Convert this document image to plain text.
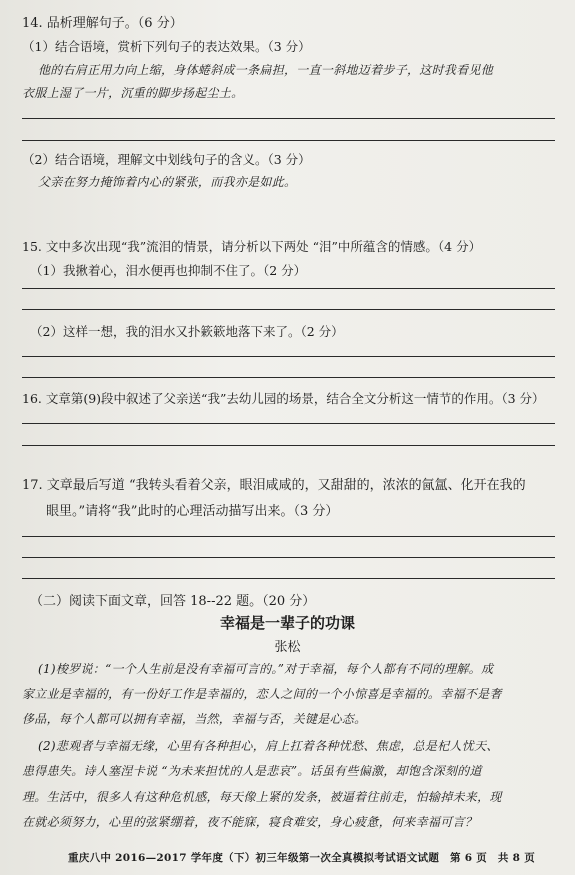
14. 品析理解句子。（6 分）
（1）结合语境，赏析下列句子的表达效果。（3 分）
他的右肩正用力向上缩，身体蜷斜成一条扁担，一直一斜地迈着步子，这时我看见他
衣服上湿了一片，沉重的脚步扬起尘土。
（2）结合语境，理解文中划线句子的含义。（3 分）
父亲在努力掩饰着内心的紧张，而我亦是如此。
15. 文中多次出现“我”流泪的情景，请分析以下两处 “泪”中所蕴含的情感。（4 分）
（1）我揪着心，泪水便再也抑制不住了。（2 分）
（2）这样一想，我的泪水又扑簌簌地落下来了。（2 分）
16. 文章第(9)段中叙述了父亲送“我”去幼儿园的场景，结合全文分析这一情节的作用。（3 分）
17. 文章最后写道 “我转头看着父亲，眼泪咸咸的，又甜甜的，浓浓的氤氲、化开在我的
眼里。”请将“我”此时的心理活动描写出来。（3 分）
（二）阅读下面文章，回答 18--22 题。（20 分）
幸福是一辈子的功课
张松
(1)梭罗说：“一个人生前是没有幸福可言的。”对于幸福，每个人都有不同的理解。成
家立业是幸福的，有一份好工作是幸福的，恋人之间的一个小惊喜是幸福的。幸福不是奢
侈品，每个人都可以拥有幸福，当然，幸福与否，关键是心态。
(2)悲观者与幸福无缘，心里有各种担心，肩上扛着各种忧愁、焦虑，总是杞人忧天、
患得患失。诗人塞涅卡说 “为未来担忧的人是悲哀”。话虽有些偏激，却饱含深刻的道
理。生活中，很多人有这种危机感，每天像上紧的发条，被逼着往前走，怕输掉未来，现
在就必须努力，心里的弦紧绷着，夜不能寐，寝食难安，身心疲惫，何来幸福可言？
重庆八中 2016—2017 学年度（下）初三年级第一次全真模拟考试语文试题　第 6 页　共 8 页
